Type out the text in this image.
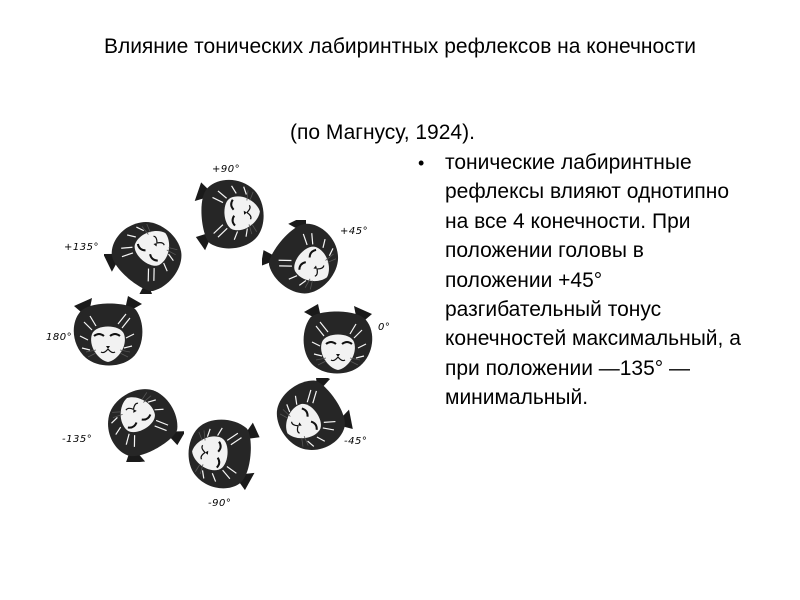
Влияние тонических лабиринтных рефлексов на конечности

(по Магнусу, 1924).

• тонические лабиринтные рефлексы влияют однотипно на все 4 конечности. При положении головы в положении +45° разгибательный тонус конечностей максимальный, а при положении —135° — минимальный.
+90°
+45°
0°
-45°
-90°
-135°
180°
+135°
